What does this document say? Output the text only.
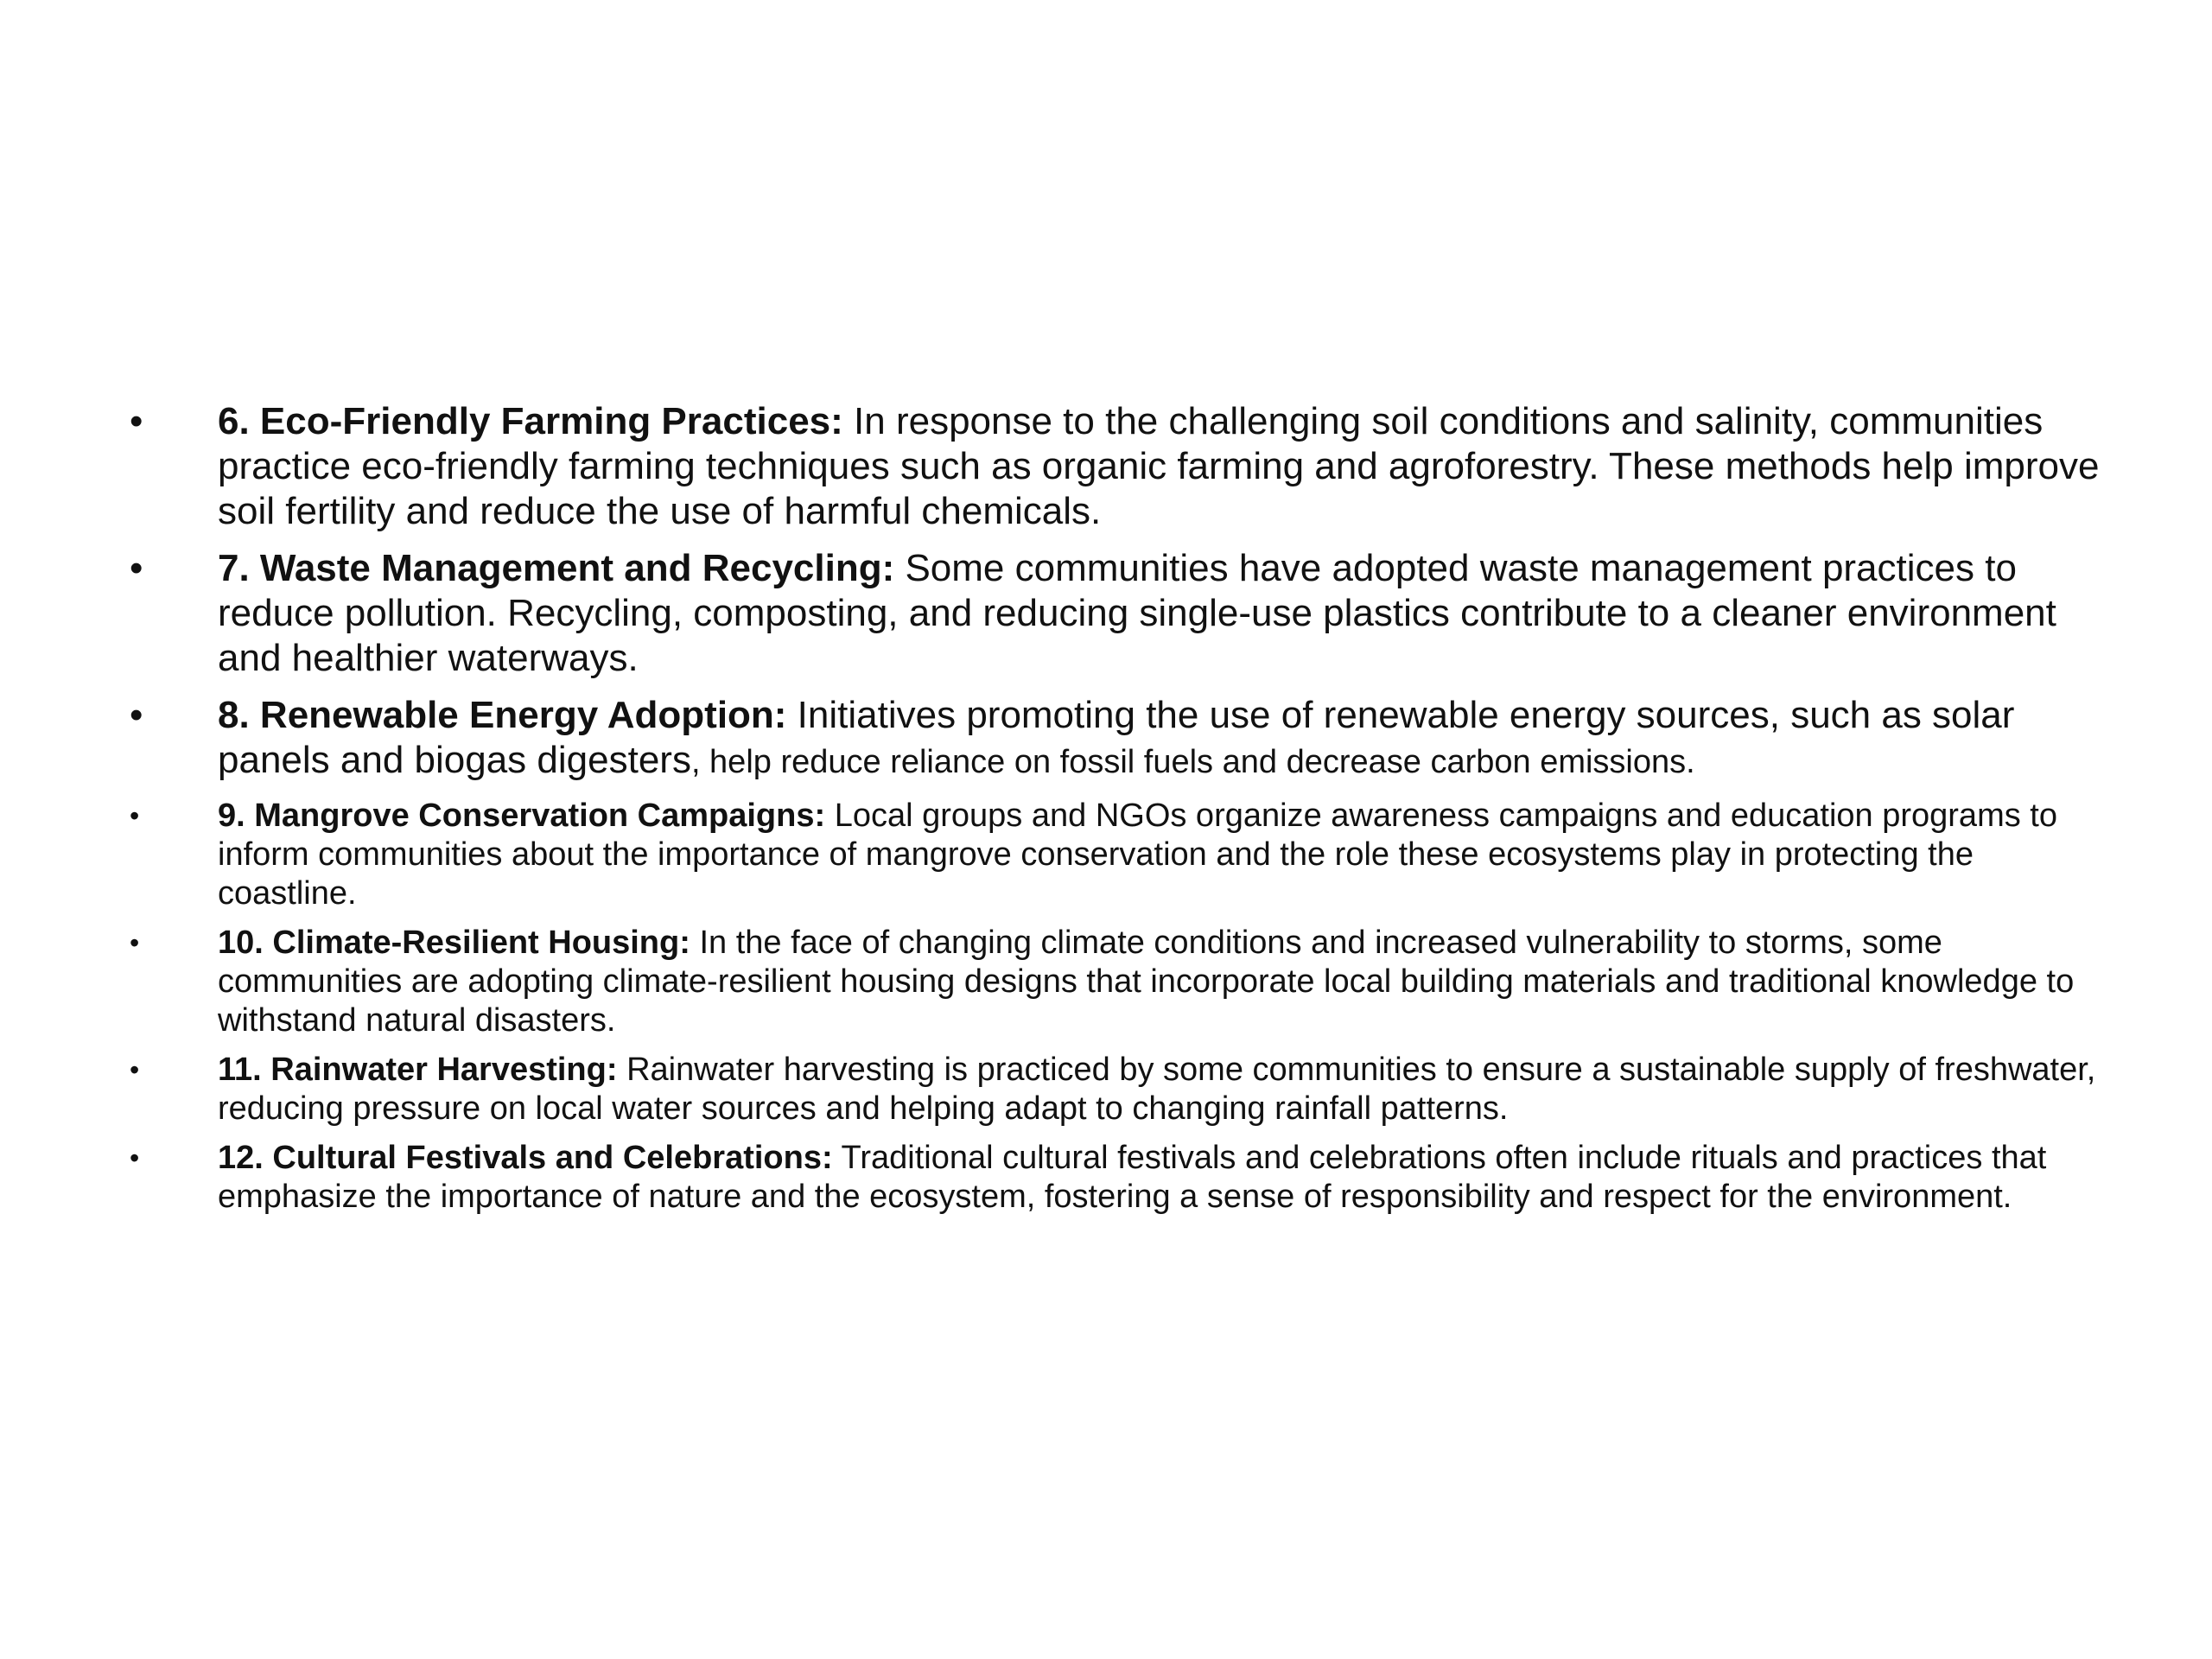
• 6. Eco-Friendly Farming Practices: In response to the challenging soil conditions and salinity, communities practice eco-friendly farming techniques such as organic farming and agroforestry. These methods help improve soil fertility and reduce the use of harmful chemicals.
• 7. Waste Management and Recycling: Some communities have adopted waste management practices to reduce pollution. Recycling, composting, and reducing single-use plastics contribute to a cleaner environment and healthier waterways.
• 8. Renewable Energy Adoption: Initiatives promoting the use of renewable energy sources, such as solar panels and biogas digesters, help reduce reliance on fossil fuels and decrease carbon emissions.
• 9. Mangrove Conservation Campaigns: Local groups and NGOs organize awareness campaigns and education programs to inform communities about the importance of mangrove conservation and the role these ecosystems play in protecting the coastline.
• 10. Climate-Resilient Housing: In the face of changing climate conditions and increased vulnerability to storms, some communities are adopting climate-resilient housing designs that incorporate local building materials and traditional knowledge to withstand natural disasters.
• 11. Rainwater Harvesting: Rainwater harvesting is practiced by some communities to ensure a sustainable supply of freshwater, reducing pressure on local water sources and helping adapt to changing rainfall patterns.
• 12. Cultural Festivals and Celebrations: Traditional cultural festivals and celebrations often include rituals and practices that emphasize the importance of nature and the ecosystem, fostering a sense of responsibility and respect for the environment.
